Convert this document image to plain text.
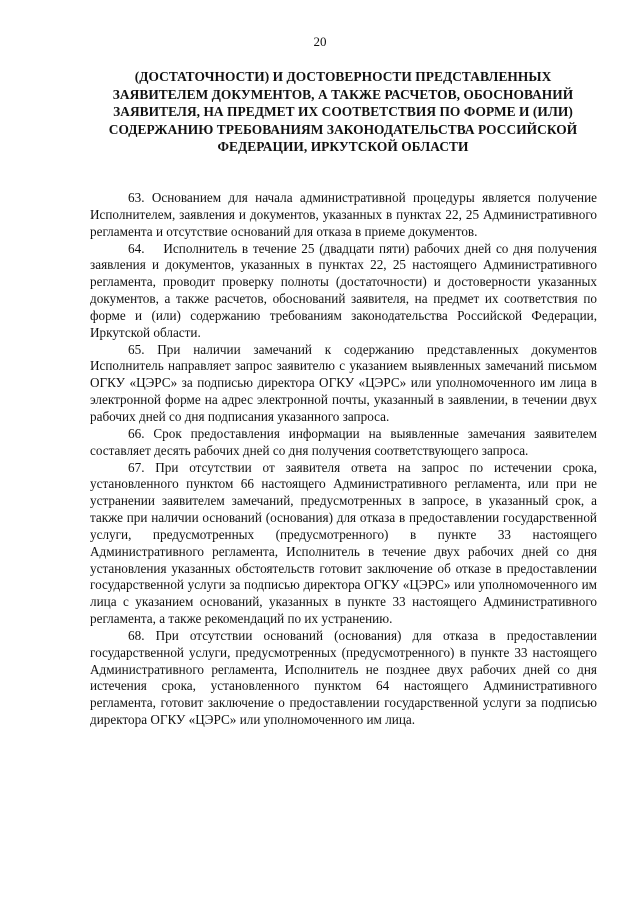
20
(ДОСТАТОЧНОСТИ) И ДОСТОВЕРНОСТИ ПРЕДСТАВЛЕННЫХ ЗАЯВИТЕЛЕМ ДОКУМЕНТОВ, А ТАКЖЕ РАСЧЕТОВ, ОБОСНОВАНИЙ ЗАЯВИТЕЛЯ, НА ПРЕДМЕТ ИХ СООТВЕТСТВИЯ ПО ФОРМЕ И (ИЛИ) СОДЕРЖАНИЮ ТРЕБОВАНИЯМ ЗАКОНОДАТЕЛЬСТВА РОССИЙСКОЙ ФЕДЕРАЦИИ, ИРКУТСКОЙ ОБЛАСТИ

63. Основанием для начала административной процедуры является получение Исполнителем, заявления и документов, указанных в пунктах 22, 25 Административного регламента и отсутствие оснований для отказа в приеме документов.

64.    Исполнитель в течение 25 (двадцати пяти) рабочих дней со дня получения заявления и документов, указанных в пунктах 22, 25 настоящего Административного регламента, проводит проверку полноты (достаточности) и достоверности указанных документов, а также расчетов, обоснований заявителя, на предмет их соответствия по форме и (или) содержанию требованиям законодательства Российской Федерации, Иркутской области.

65. При наличии замечаний к содержанию представленных документов Исполнитель направляет запрос заявителю с указанием выявленных замечаний письмом ОГКУ «ЦЭРС» за подписью директора ОГКУ «ЦЭРС» или уполномоченного им лица в электронной форме на адрес электронной почты, указанный в заявлении, в течении двух рабочих дней со дня подписания указанного запроса.

66. Срок предоставления информации на выявленные замечания заявителем составляет десять рабочих дней со дня получения соответствующего запроса.

67. При отсутствии от заявителя ответа на запрос по истечении срока, установленного пунктом 66 настоящего Административного регламента, или при не устранении заявителем замечаний, предусмотренных в запросе, в указанный срок, а также при наличии оснований (основания) для отказа в предоставлении государственной услуги, предусмотренных (предусмотренного) в пункте 33 настоящего Административного регламента, Исполнитель в течение двух рабочих дней со дня установления указанных обстоятельств готовит заключение об отказе в предоставлении государственной услуги за подписью директора ОГКУ «ЦЭРС» или уполномоченного им лица с указанием оснований, указанных в пункте 33 настоящего Административного регламента, а также рекомендаций по их устранению.

68. При отсутствии оснований (основания) для отказа в предоставлении государственной услуги, предусмотренных (предусмотренного) в пункте 33 настоящего Административного регламента, Исполнитель не позднее двух рабочих дней со дня истечения срока, установленного пунктом 64 настоящего Административного регламента, готовит заключение о предоставлении государственной услуги за подписью директора ОГКУ «ЦЭРС» или уполномоченного им лица.
